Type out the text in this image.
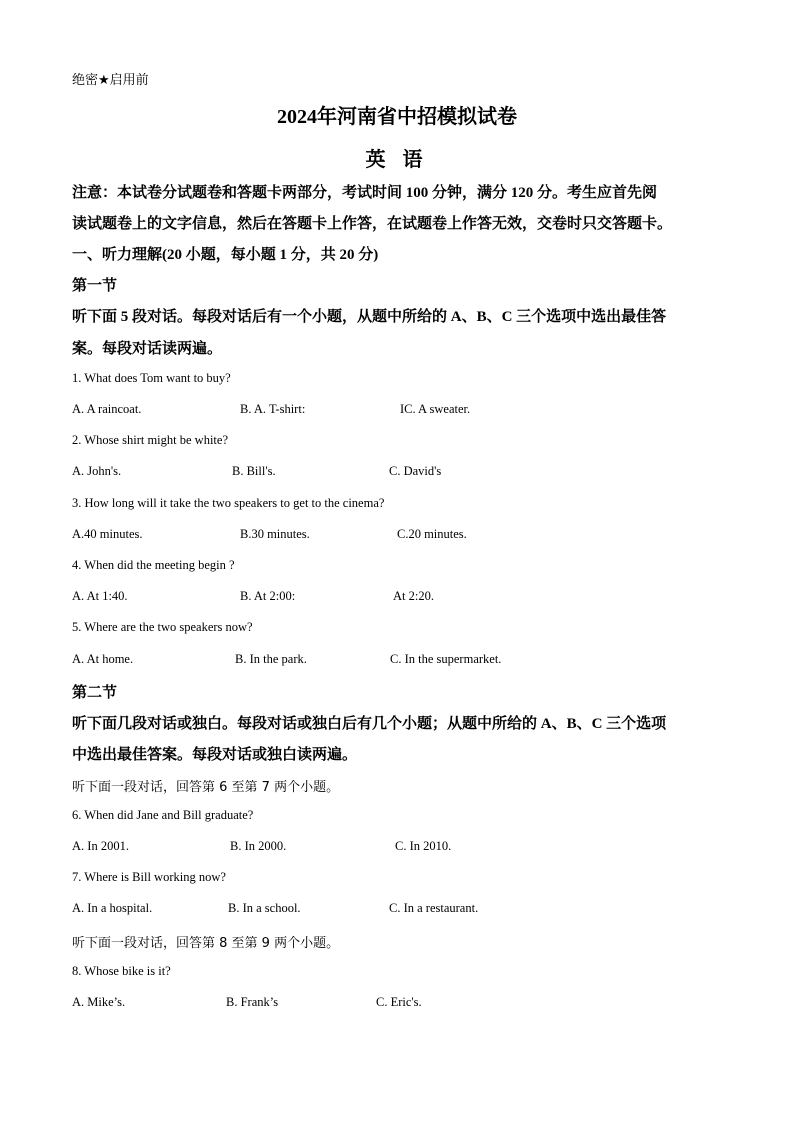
绝密★启用前
2024年河南省中招模拟试卷
英 语
注意：本试卷分试题卷和答题卡两部分，考试时间 100 分钟，满分 120 分。考生应首先阅
读试题卷上的文字信息，然后在答题卡上作答，在试题卷上作答无效，交卷时只交答题卡。
一、听力理解(20 小题，每小题 1 分，共 20 分)
第一节
听下面 5 段对话。每段对话后有一个小题，从题中所给的 A、B、C 三个选项中选出最佳答
案。每段对话读两遍。
1. What does Tom want to buy?
A. A raincoat.	B. A. T-shirt:	IC. A sweater.
2. Whose shirt might be white?
A. John's.	B. Bill's.	C. David's
3. How long will it take the two speakers to get to the cinema?
A.40 minutes.	B.30 minutes.	C.20 minutes.
4. When did the meeting begin ?
A. At 1:40.	B. At 2:00:	At 2:20.
5. Where are the two speakers now?
A. At home.	B. In the park.	C. In the supermarket.
第二节
听下面几段对话或独白。每段对话或独白后有几个小题；从题中所给的 A、B、C 三个选项
中选出最佳答案。每段对话或独白读两遍。
听下面一段对话，回答第 6 至第 7 两个小题。
6. When did Jane and Bill graduate?
A. In 2001.	B. In 2000.	C. In 2010.
7. Where is Bill working now?
A. In a hospital.	B. In a school.	C. In a restaurant.
听下面一段对话，回答第 8 至第 9 两个小题。
8. Whose bike is it?
A. Mike’s.	B. Frank’s	C. Eric's.
